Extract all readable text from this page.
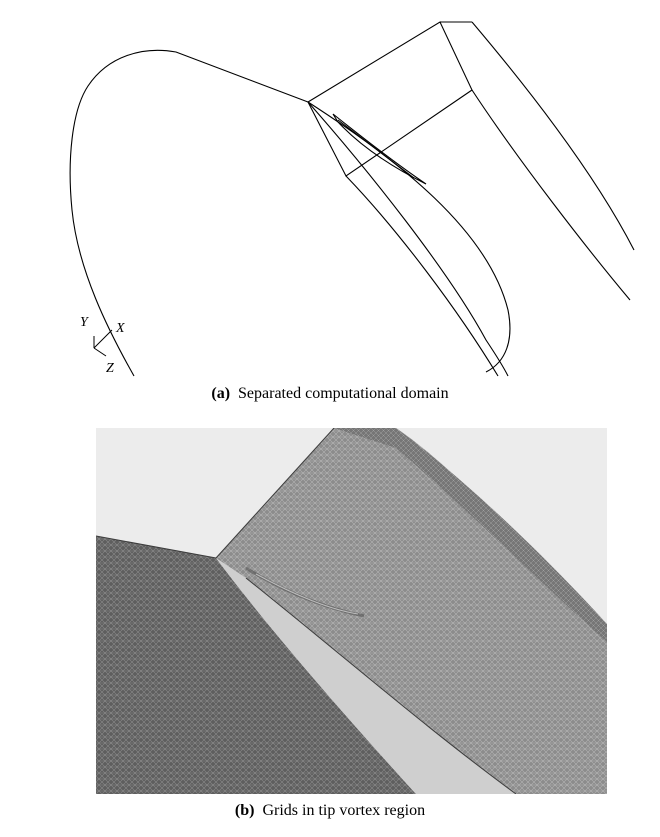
Y X
Z
(a) Separated computational domain
(b) Grids in tip vortex region
